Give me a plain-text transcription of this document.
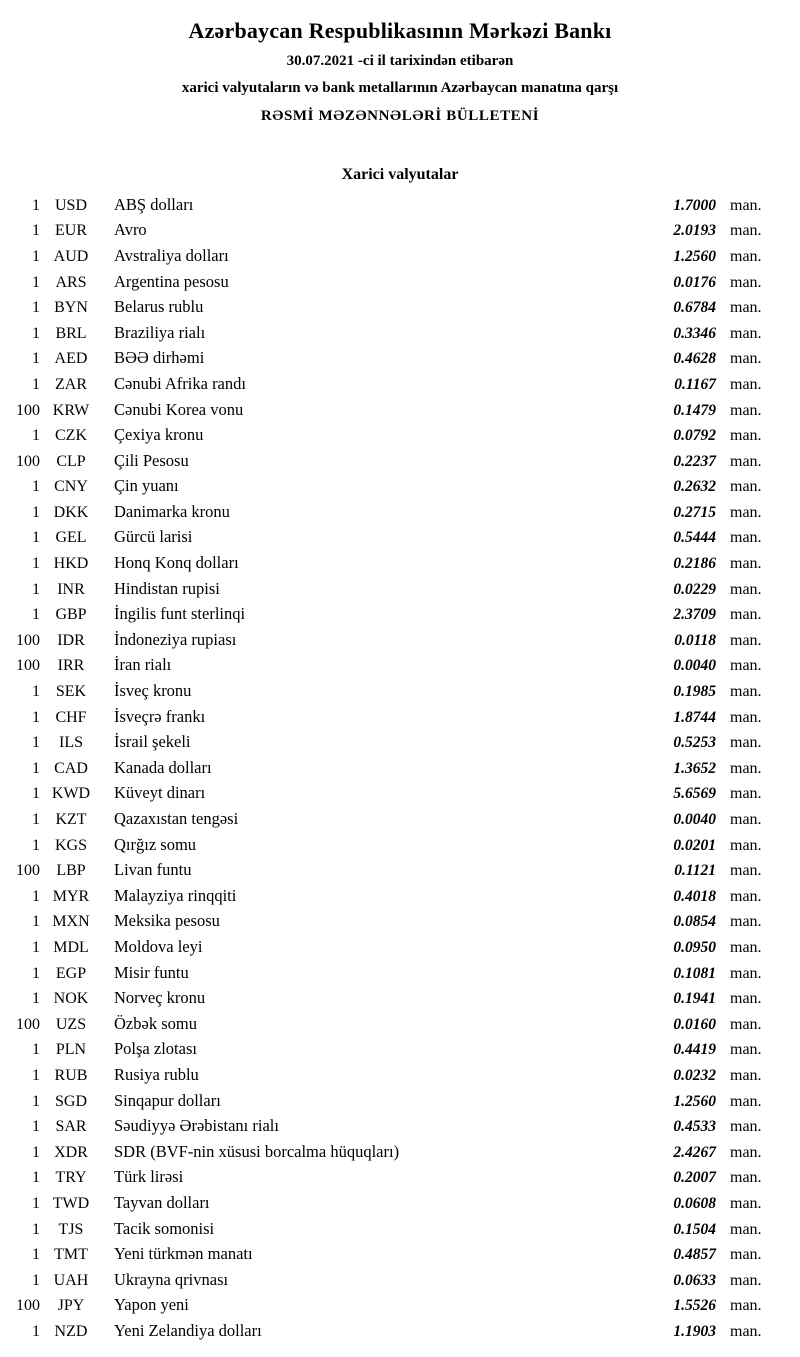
Azərbaycan Respublikasının Mərkəzi Bankı
30.07.2021 -ci il tarixindən etibarən
xarici valyutaların və bank metallarının Azərbaycan manatına qarşı
RƏSMİ MƏZƏNNƏLƏRİ BÜLLETENİ
Xarici valyutalar
1 USD	ABŞ dolları	1.7000 man.
1 EUR	Avro	2.0193 man.
1 AUD	Avstraliya dolları	1.2560 man.
1 ARS	Argentina pesosu	0.0176 man.
1 BYN	Belarus rublu	0.6784 man.
1 BRL	Braziliya rialı	0.3346 man.
1 AED	BƏƏ dirhəmi	0.4628 man.
1 ZAR	Cənubi Afrika randı	0.1167 man.
100 KRW	Cənubi Korea vonu	0.1479 man.
1 CZK	Çexiya kronu	0.0792 man.
100	CLP	Çili Pesosu	0.2237 man.
1 CNY	Çin yuanı	0.2632 man.
1 DKK	Danimarka kronu	0.2715 man.
1 GEL	Gürcü larisi	0.5444 man.
1 HKD	Honq Konq dolları	0.2186 man.
1	INR	Hindistan rupisi	0.0229 man.
1 GBP	İngilis funt sterlinqi	2.3709 man.
100	IDR	İndoneziya rupiası	0.0118 man.
100	IRR	İran rialı	0.0040 man.
1 SEK	İsveç kronu	0.1985 man.
1 CHF	İsveçrə frankı	1.8744 man.
1	ILS	İsrail şekeli	0.5253 man.
1 CAD	Kanada dolları	1.3652 man.
1 KWD	Küveyt dinarı	5.6569 man.
1 KZT	Qazaxıstan tengəsi	0.0040 man.
1 KGS	Qırğız somu	0.0201 man.
100	LBP	Livan funtu	0.1121 man.
1 MYR	Malayziya rinqqiti	0.4018 man.
1 MXN	Meksika pesosu	0.0854 man.
1 MDL	Moldova leyi	0.0950 man.
1 EGP	Misir funtu	0.1081 man.
1 NOK	Norveç kronu	0.1941 man.
100 UZS	Özbək somu	0.0160 man.
1 PLN	Polşa zlotası	0.4419 man.
1 RUB	Rusiya rublu	0.0232 man.
1 SGD	Sinqapur dolları	1.2560 man.
1 SAR	Səudiyyə Ərəbistanı rialı	0.4533 man.
1 XDR	SDR (BVF-nin xüsusi borcalma hüquqları)	2.4267 man.
1 TRY	Türk lirəsi	0.2007 man.
1 TWD	Tayvan dolları	0.0608 man.
1	TJS	Tacik somonisi	0.1504 man.
1 TMT	Yeni türkmən manatı	0.4857 man.
1 UAH	Ukrayna qrivnası	0.0633 man.
100	JPY	Yapon yeni	1.5526 man.
1 NZD	Yeni Zelandiya dolları	1.1903 man.
